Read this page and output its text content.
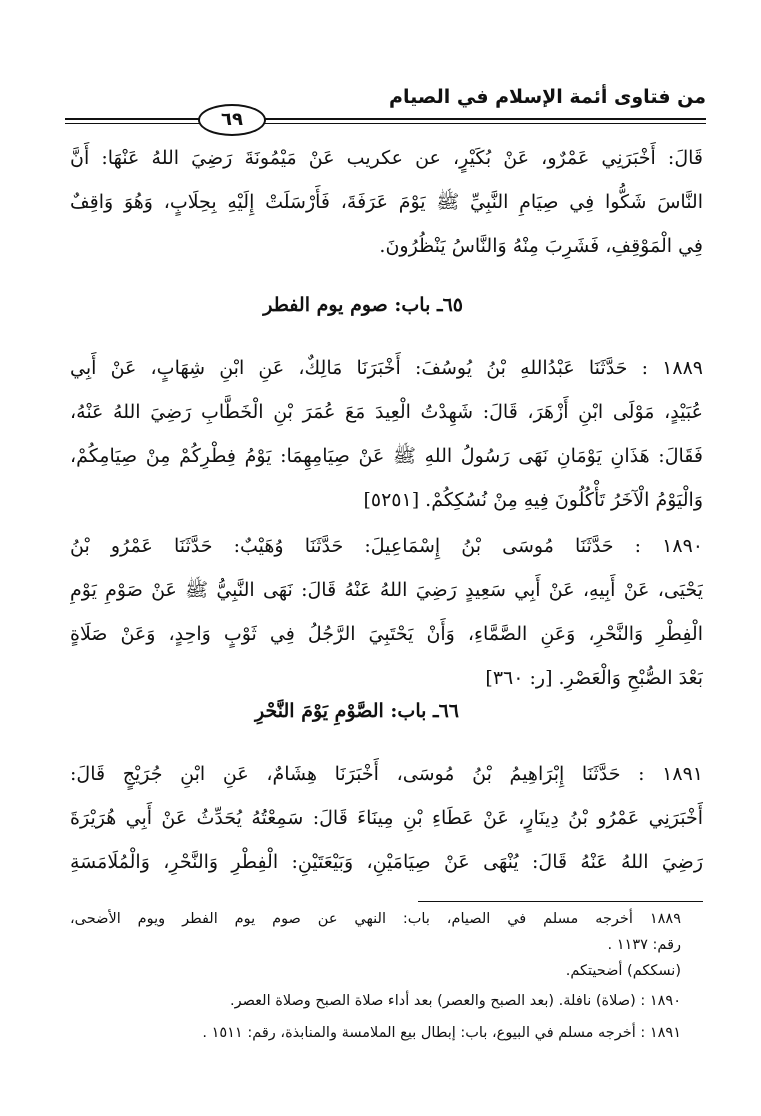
من فتاوى أئمة الإسلام في الصيام
٦٩
قَالَ: أَخْبَرَنِي عَمْرٌو، عَنْ بُكَيْرٍ، عن عكريب عَنْ مَيْمُونَةَ رَضِيَ اللهُ عَنْهَا: أَنَّ
النَّاسَ شَكُّوا فِي صِيَامِ النَّبِيِّ ﷺ يَوْمَ عَرَفَةَ، فَأَرْسَلَتْ إِلَيْهِ بِحِلَابٍ، وَهُوَ وَاقِفٌ
فِي الْمَوْقِفِ، فَشَرِبَ مِنْهُ وَالنَّاسُ يَنْظُرُونَ.
٦٥ـ باب: صوم يوم الفطر
١٨٨٩ : حَدَّثَنَا عَبْدُاللهِ بْنُ يُوسُفَ: أَخْبَرَنَا مَالِكٌ، عَنِ ابْنِ شِهَابٍ، عَنْ أَبِي
عُبَيْدٍ، مَوْلَى ابْنِ أَزْهَرَ، قَالَ: شَهِدْتُ الْعِيدَ مَعَ عُمَرَ بْنِ الْخَطَّابِ رَضِيَ اللهُ عَنْهُ،
فَقَالَ: هَذَانِ يَوْمَانِ نَهَى رَسُولُ اللهِ ﷺ عَنْ صِيَامِهِمَا: يَوْمُ فِطْرِكُمْ مِنْ صِيَامِكُمْ،
وَالْيَوْمُ الْآخَرُ تَأْكُلُونَ فِيهِ مِنْ نُسُكِكُمْ. [٥٢٥١]
١٨٩٠ : حَدَّثَنَا مُوسَى بْنُ إِسْمَاعِيلَ: حَدَّثَنَا وُهَيْبٌ: حَدَّثَنَا عَمْرُو بْنُ
يَحْيَى، عَنْ أَبِيهِ، عَنْ أَبِي سَعِيدٍ رَضِيَ اللهُ عَنْهُ قَالَ: نَهَى النَّبِيُّ ﷺ عَنْ صَوْمِ يَوْمِ
الْفِطْرِ وَالنَّحْرِ، وَعَنِ الصَّمَّاءِ، وَأَنْ يَحْتَبِيَ الرَّجُلُ فِي ثَوْبٍ وَاحِدٍ، وَعَنْ صَلَاةٍ
بَعْدَ الصُّبْحِ وَالْعَصْرِ. [ر: ٣٦٠]
٦٦ـ باب: الصَّوْمِ يَوْمَ النَّحْرِ
١٨٩١ : حَدَّثَنَا إِبْرَاهِيمُ بْنُ مُوسَى، أَخْبَرَنَا هِشَامٌ، عَنِ ابْنِ جُرَيْجٍ قَالَ:
أَخْبَرَنِي عَمْرُو بْنُ دِينَارٍ، عَنْ عَطَاءِ بْنِ مِينَاءَ قَالَ: سَمِعْتُهُ يُحَدِّثُ عَنْ أَبِي هُرَيْرَةَ
رَضِيَ اللهُ عَنْهُ قَالَ: يُنْهَى عَنْ صِيَامَيْنِ، وَبَيْعَتَيْنِ: الْفِطْرِ وَالنَّحْرِ، وَالْمُلَامَسَةِ
١٨٨٩ أخرجه مسلم في الصيام، باب: النهي عن صوم يوم الفطر ويوم الأضحى،
رقم: ١١٣٧ .
(نسككم) أضحيتكم.
١٨٩٠ : (صلاة) نافلة. (بعد الصبح والعصر) بعد أداء صلاة الصبح وصلاة العصر.
١٨٩١ : أخرجه مسلم في البيوع، باب: إبطال بيع الملامسة والمنابذة، رقم: ١٥١١ .
